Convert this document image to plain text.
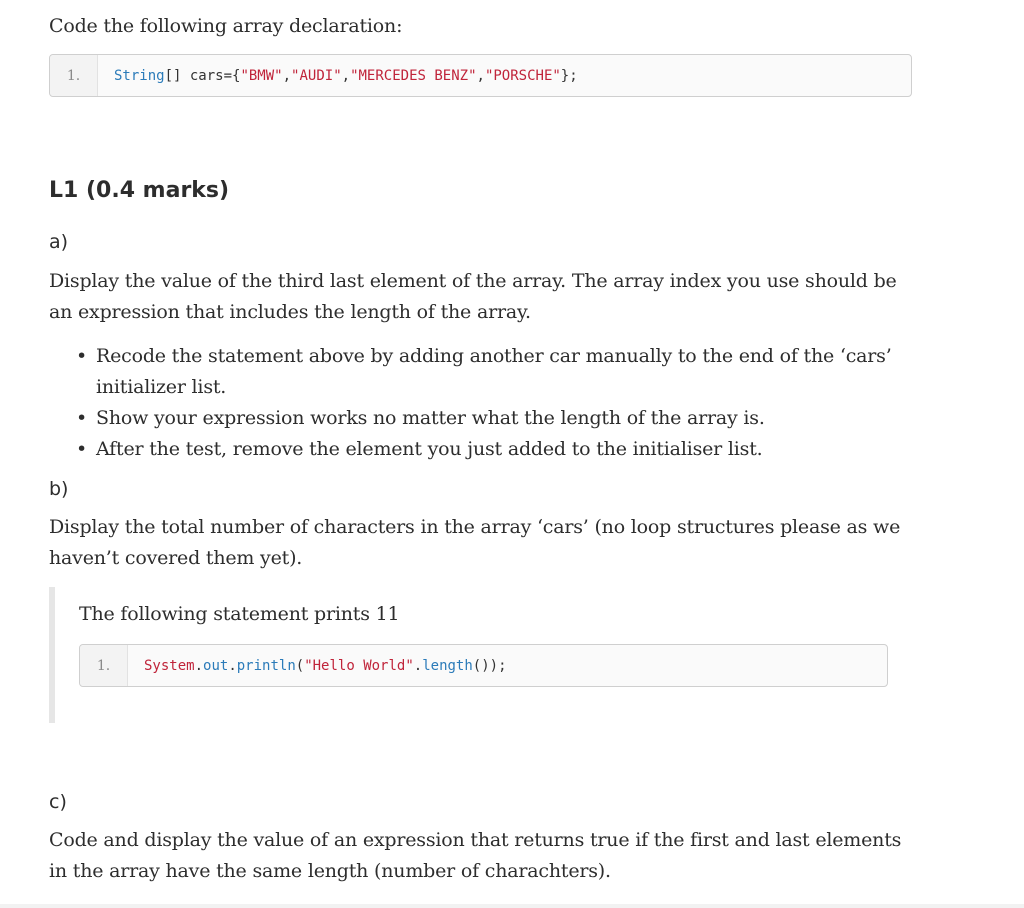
Code the following array declaration:

1.	String[] cars={"BMW","AUDI","MERCEDES BENZ","PORSCHE"};
L1 (0.4 marks)
a)

Display the value of the third last element of the array. The array index you use should be an expression that includes the length of the array.

• Recode the statement above by adding another car manually to the end of the ‘cars’ initializer list.
• Show your expression works no matter what the length of the array is.
• After the test, remove the element you just added to the initialiser list.
b)

Display the total number of characters in the array ‘cars’ (no loop structures please as we haven’t covered them yet).

The following statement prints 11

1.	System.out.println("Hello World".length());
c)

Code and display the value of an expression that returns true if the first and last elements in the array have the same length (number of charachters).
